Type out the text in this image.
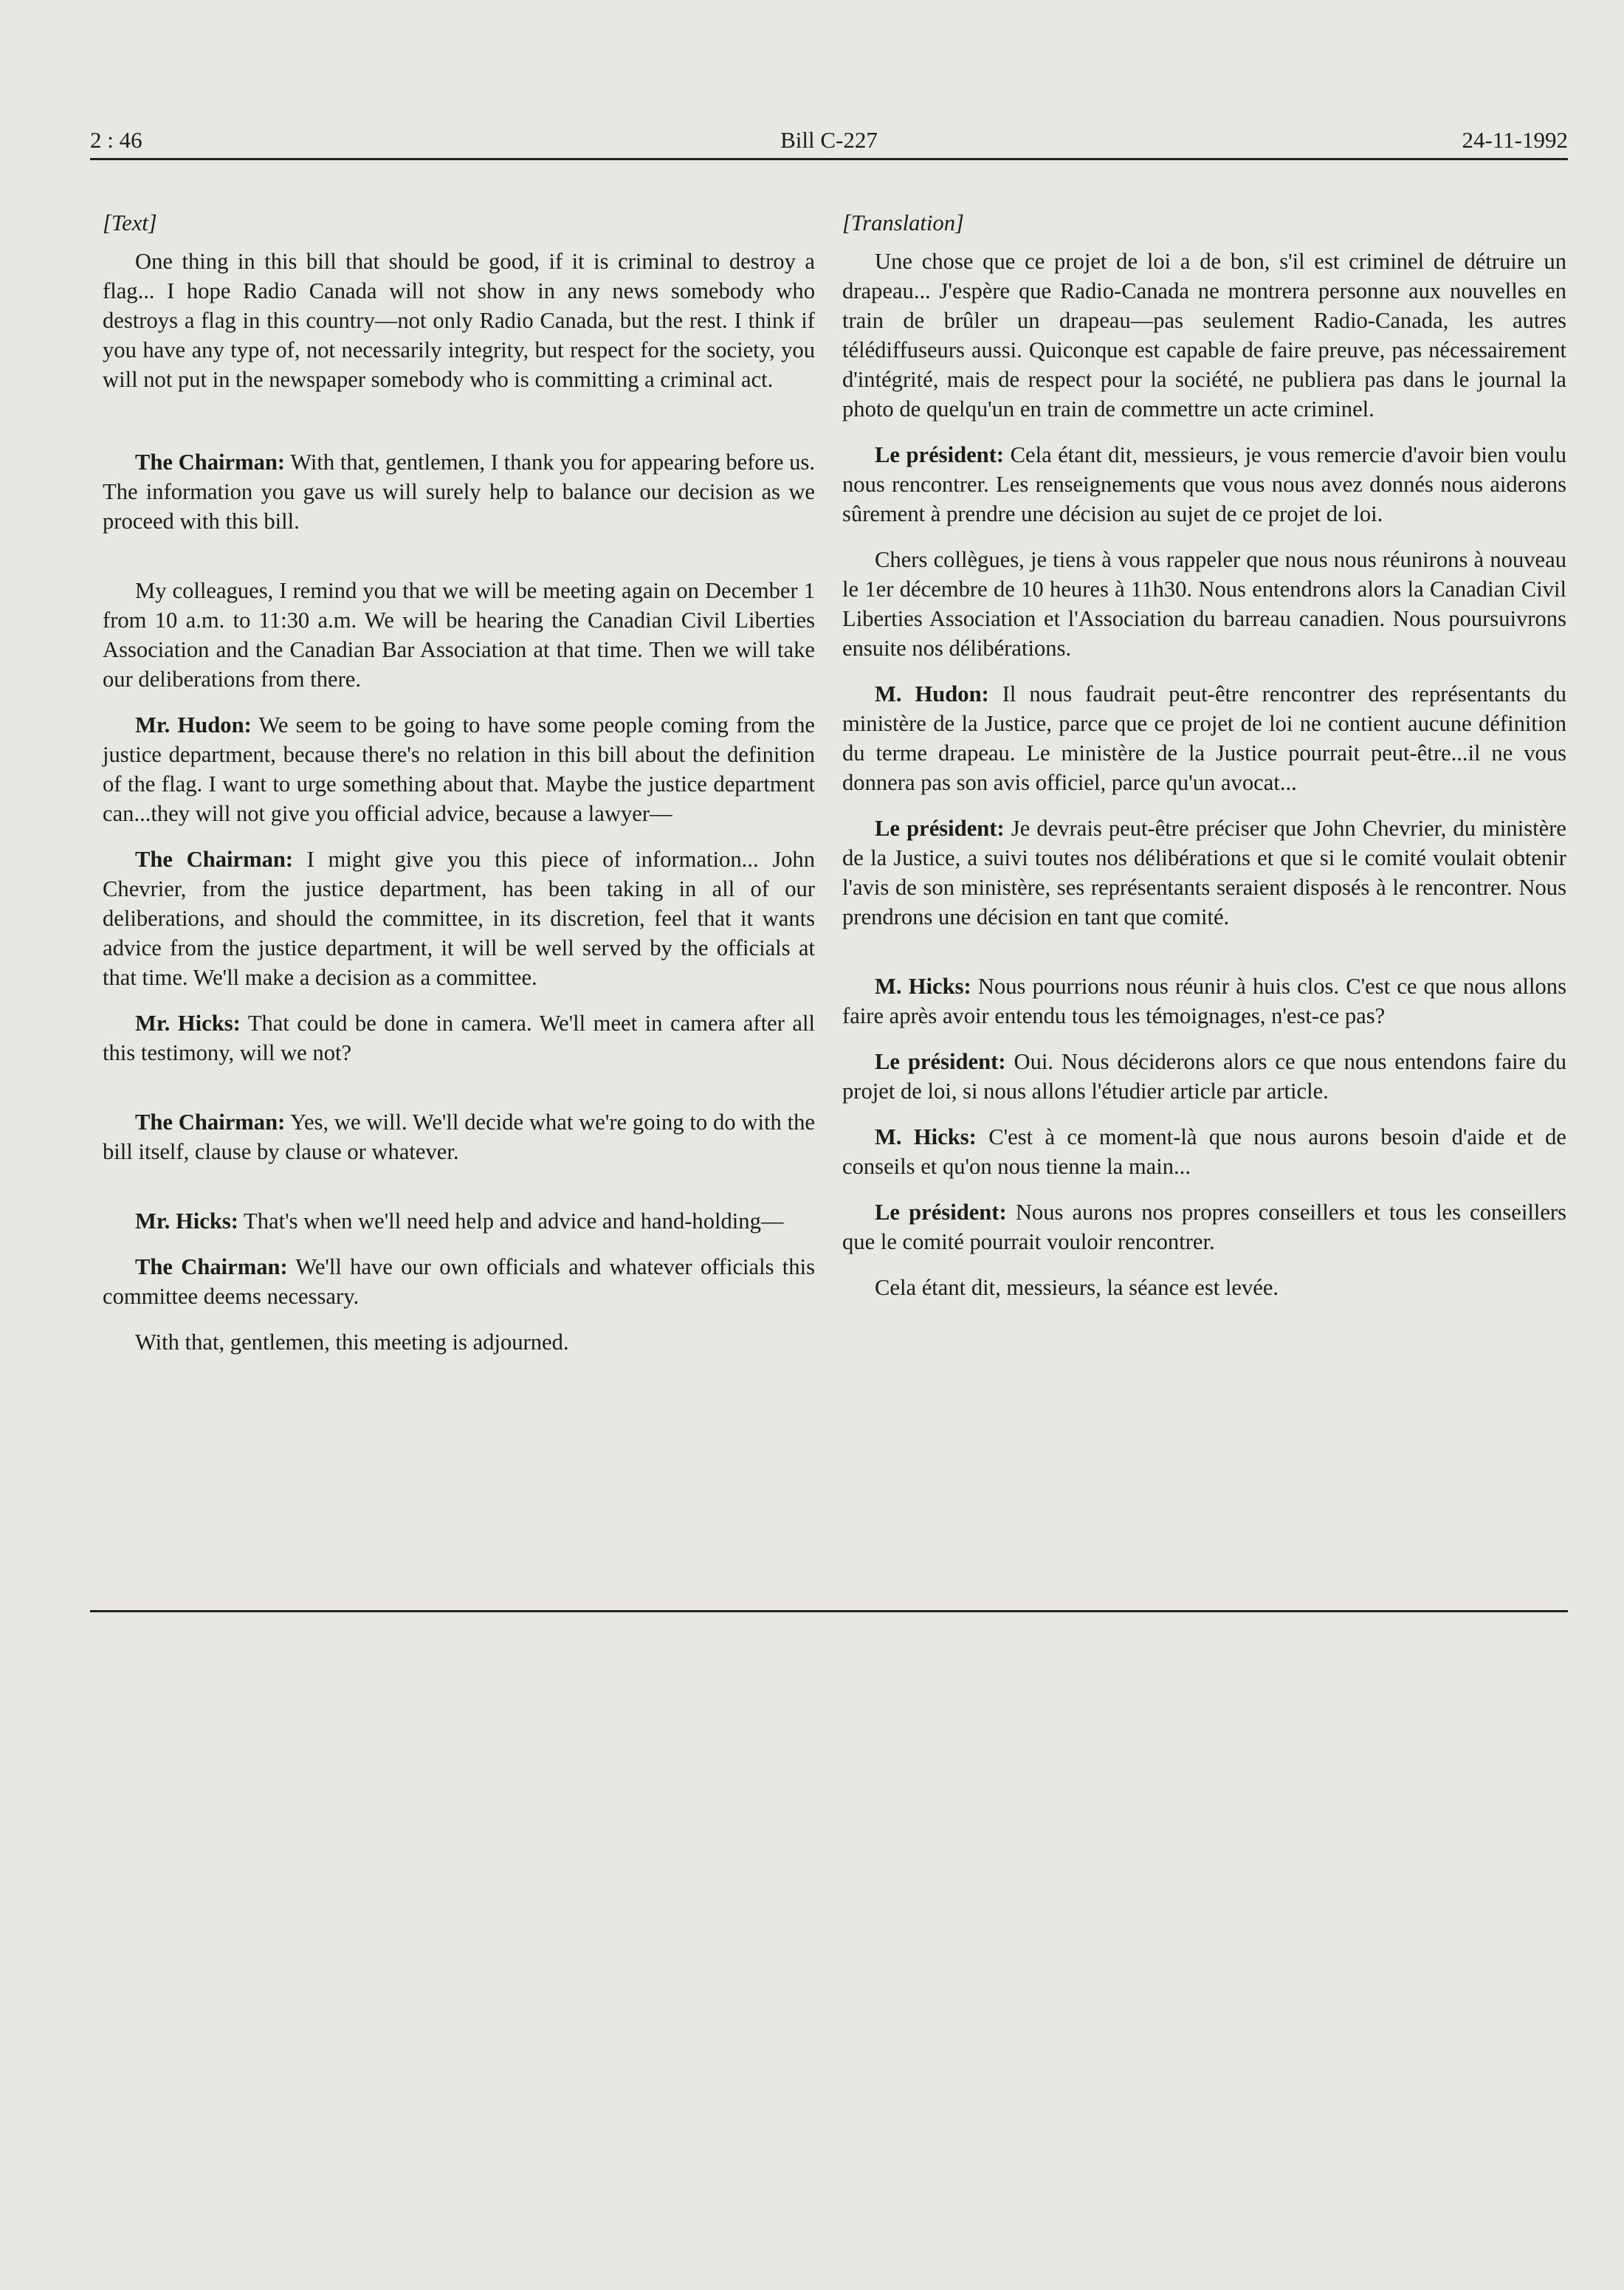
2 : 46	Bill C-227	24-11-1992

[Text]

One thing in this bill that should be good, if it is criminal to destroy a flag... I hope Radio Canada will not show in any news somebody who destroys a flag in this country—not only Radio Canada, but the rest. I think if you have any type of, not necessarily integrity, but respect for the society, you will not put in the newspaper somebody who is committing a criminal act.

The Chairman: With that, gentlemen, I thank you for appearing before us. The information you gave us will surely help to balance our decision as we proceed with this bill.

My colleagues, I remind you that we will be meeting again on December 1 from 10 a.m. to 11:30 a.m. We will be hearing the Canadian Civil Liberties Association and the Canadian Bar Association at that time. Then we will take our deliberations from there.

Mr. Hudon: We seem to be going to have some people coming from the justice department, because there's no relation in this bill about the definition of the flag. I want to urge something about that. Maybe the justice department can...they will not give you official advice, because a lawyer—

The Chairman: I might give you this piece of information... John Chevrier, from the justice department, has been taking in all of our deliberations, and should the committee, in its discretion, feel that it wants advice from the justice department, it will be well served by the officials at that time. We'll make a decision as a committee.

Mr. Hicks: That could be done in camera. We'll meet in camera after all this testimony, will we not?

The Chairman: Yes, we will. We'll decide what we're going to do with the bill itself, clause by clause or whatever.

Mr. Hicks: That's when we'll need help and advice and hand-holding—

The Chairman: We'll have our own officials and whatever officials this committee deems necessary.

With that, gentlemen, this meeting is adjourned.

[Translation]

Une chose que ce projet de loi a de bon, s'il est criminel de détruire un drapeau... J'espère que Radio-Canada ne montrera personne aux nouvelles en train de brûler un drapeau—pas seulement Radio-Canada, les autres télédiffuseurs aussi. Quiconque est capable de faire preuve, pas nécessairement d'intégrité, mais de respect pour la société, ne publiera pas dans le journal la photo de quelqu'un en train de commettre un acte criminel.

Le président: Cela étant dit, messieurs, je vous remercie d'avoir bien voulu nous rencontrer. Les renseignements que vous nous avez donnés nous aiderons sûrement à prendre une décision au sujet de ce projet de loi.

Chers collègues, je tiens à vous rappeler que nous nous réunirons à nouveau le 1er décembre de 10 heures à 11h30. Nous entendrons alors la Canadian Civil Liberties Association et l'Association du barreau canadien. Nous poursuivrons ensuite nos délibérations.

M. Hudon: Il nous faudrait peut-être rencontrer des représentants du ministère de la Justice, parce que ce projet de loi ne contient aucune définition du terme drapeau. Le ministère de la Justice pourrait peut-être...il ne vous donnera pas son avis officiel, parce qu'un avocat...

Le président: Je devrais peut-être préciser que John Chevrier, du ministère de la Justice, a suivi toutes nos délibérations et que si le comité voulait obtenir l'avis de son ministère, ses représentants seraient disposés à le rencontrer. Nous prendrons une décision en tant que comité.

M. Hicks: Nous pourrions nous réunir à huis clos. C'est ce que nous allons faire après avoir entendu tous les témoignages, n'est-ce pas?

Le président: Oui. Nous déciderons alors ce que nous entendons faire du projet de loi, si nous allons l'étudier article par article.

M. Hicks: C'est à ce moment-là que nous aurons besoin d'aide et de conseils et qu'on nous tienne la main...

Le président: Nous aurons nos propres conseillers et tous les conseillers que le comité pourrait vouloir rencontrer.

Cela étant dit, messieurs, la séance est levée.
